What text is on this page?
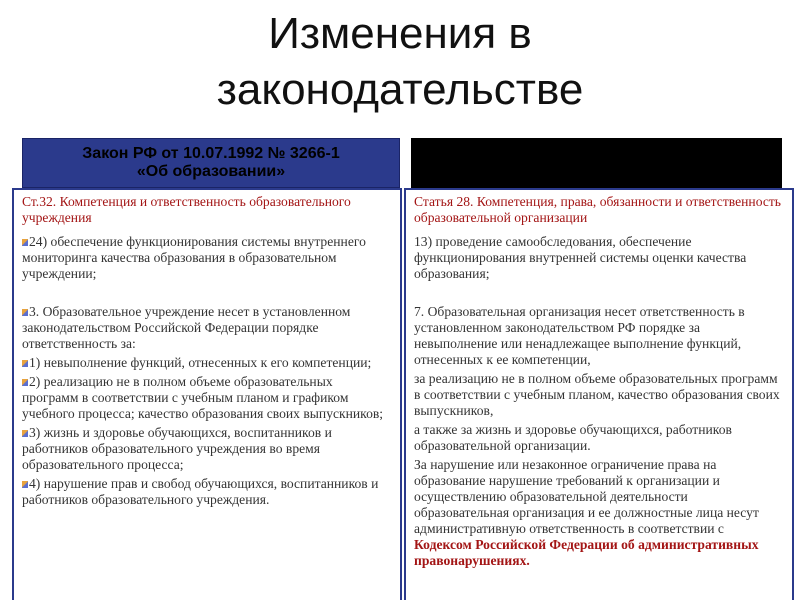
Изменения в
законодательстве
Закон РФ от 10.07.1992 № 3266-1
«Об образовании»
Ст.32. Компетенция и ответственность образовательного учреждения
24) обеспечение функционирования системы внутреннего мониторинга качества образования в образовательном учреждении;
3. Образовательное учреждение несет в установленном законодательством Российской Федерации порядке ответственность за:
1) невыполнение функций, отнесенных к его компетенции;
2) реализацию не в полном объеме образовательных программ в соответствии с учебным планом и графиком учебного процесса; качество образования своих выпускников;
3) жизнь и здоровье обучающихся, воспитанников и работников образовательного учреждения во время образовательного процесса;
4) нарушение прав и свобод обучающихся, воспитанников и работников образовательного учреждения.
Статья 28. Компетенция, права, обязанности и ответственность образовательной организации
13) проведение самообследования, обеспечение функционирования внутренней системы оценки качества образования;
7. Образовательная организация несет ответственность в установленном законодательством РФ порядке за невыполнение или ненадлежащее выполнение функций, отнесенных к ее компетенции,
за реализацию не в полном объеме образовательных программ в соответствии с учебным планом, качество образования своих выпускников,
а также за жизнь и здоровье обучающихся, работников образовательной организации.
За нарушение или незаконное ограничение права на образование нарушение требований к организации и осуществлению образовательной деятельности образовательная организация и ее должностные лица несут административную ответственность в соответствии с Кодексом Российской Федерации об административных правонарушениях.
